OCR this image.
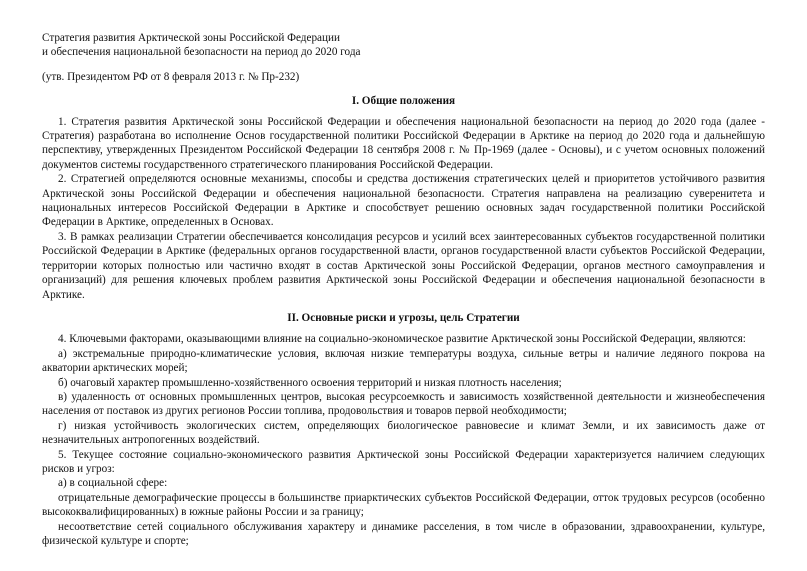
Стратегия развития Арктической зоны Российской Федерации

и обеспечения национальной безопасности на период до 2020 года

(утв. Президентом РФ от 8 февраля 2013 г. № Пр-232)

I. Общие положения

1. Стратегия развития Арктической зоны Российской Федерации и обеспечения национальной безопасности на период до 2020 года (далее - Стратегия) разработана во исполнение Основ государственной политики Российской Федерации в Арктике на период до 2020 года и дальнейшую перспективу, утвержденных Президентом Российской Федерации 18 сентября 2008 г. № Пр-1969 (далее - Основы), и с учетом основных положений документов системы государственного стратегического планирования Российской Федерации.

2. Стратегией определяются основные механизмы, способы и средства достижения стратегических целей и приоритетов устойчивого развития Арктической зоны Российской Федерации и обеспечения национальной безопасности. Стратегия направлена на реализацию суверенитета и национальных интересов Российской Федерации в Арктике и способствует решению основных задач государственной политики Российской Федерации в Арктике, определенных в Основах.

3. В рамках реализации Стратегии обеспечивается консолидация ресурсов и усилий всех заинтересованных субъектов государственной политики Российской Федерации в Арктике (федеральных органов государственной власти, органов государственной власти субъектов Российской Федерации, территории которых полностью или частично входят в состав Арктической зоны Российской Федерации, органов местного самоуправления и организаций) для решения ключевых проблем развития Арктической зоны Российской Федерации и обеспечения национальной безопасности в Арктике.

II. Основные риски и угрозы, цель Стратегии

4. Ключевыми факторами, оказывающими влияние на социально-экономическое развитие Арктической зоны Российской Федерации, являются:

а) экстремальные природно-климатические условия, включая низкие температуры воздуха, сильные ветры и наличие ледяного покрова на акватории арктических морей;

б) очаговый характер промышленно-хозяйственного освоения территорий и низкая плотность населения;

в) удаленность от основных промышленных центров, высокая ресурсоемкость и зависимость хозяйственной деятельности и жизнеобеспечения населения от поставок из других регионов России топлива, продовольствия и товаров первой необходимости;

г) низкая устойчивость экологических систем, определяющих биологическое равновесие и климат Земли, и их зависимость даже от незначительных антропогенных воздействий.

5. Текущее состояние социально-экономического развития Арктической зоны Российской Федерации характеризуется наличием следующих рисков и угроз:

а) в социальной сфере:

отрицательные демографические процессы в большинстве приарктических субъектов Российской Федерации, отток трудовых ресурсов (особенно высококвалифицированных) в южные районы России и за границу;

несоответствие сетей социального обслуживания характеру и динамике расселения, в том числе в образовании, здравоохранении, культуре, физической культуре и спорте;
